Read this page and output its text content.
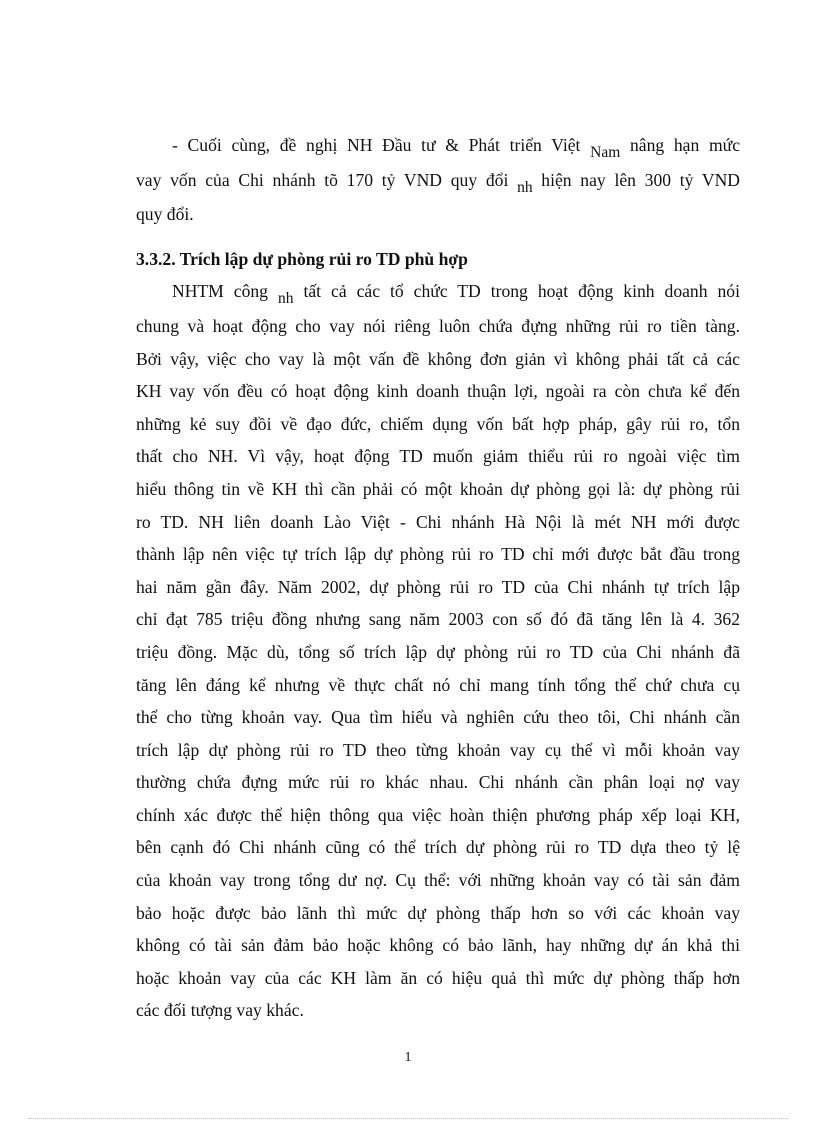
- Cuối cùng, đề nghị NH Đầu tư & Phát triển Việt Nam nâng hạn mức
vay vốn của Chi nhánh tõ 170 tỷ VND quy đổi nh hiện nay lên 300 tỷ VND
quy đổi.
3.3.2. Trích lập dự phòng rủi ro TD phù hợp
NHTM công nh tất cả các tổ chức TD trong hoạt động kinh doanh nói
chung và hoạt động cho vay nói riêng luôn chứa đựng những rủi ro tiền tàng.
Bởi vậy, việc cho vay là một vấn đề không đơn giản vì không phải tất cả các
KH vay vốn đều có hoạt động kinh doanh thuận lợi, ngoài ra còn chưa kể đến
những kẻ suy đồi về đạo đức, chiếm dụng vốn bất hợp pháp, gây rủi ro, tổn
thất cho NH. Vì vậy, hoạt động TD muốn giảm thiểu rủi ro ngoài việc tìm
hiểu thông tin về KH thì cần phải có một khoản dự phòng gọi là: dự phòng rủi
ro TD. NH liên doanh Lào Việt - Chi nhánh Hà Nội là mét NH mới được
thành lập nên việc tự trích lập dự phòng rủi ro TD chỉ mới được bắt đầu trong
hai năm gần đây. Năm 2002, dự phòng rủi ro TD của Chi nhánh tự trích lập
chỉ đạt 785 triệu đồng nhưng sang năm 2003 con số đó đã tăng lên là 4. 362
triệu đồng. Mặc dù, tổng số trích lập dự phòng rủi ro TD của Chi nhánh đã
tăng lên đáng kể nhưng về thực chất nó chỉ mang tính tổng thể chứ chưa cụ
thể cho từng khoản vay. Qua tìm hiểu và nghiên cứu theo tôi, Chi nhánh cần
trích lập dự phòng rủi ro TD theo từng khoản vay cụ thể vì mỗi khoản vay
thường chứa đựng mức rủi ro khác nhau. Chi nhánh cần phân loại nợ vay
chính xác được thể hiện thông qua việc hoàn thiện phương pháp xếp loại KH,
bên cạnh đó Chi nhánh cũng có thể trích dự phòng rủi ro TD dựa theo tỷ lệ
của khoản vay trong tổng dư nợ. Cụ thể: với những khoản vay có tài sản đảm
bảo hoặc được bảo lãnh thì mức dự phòng thấp hơn so với các khoản vay
không có tài sản đảm bảo hoặc không có bảo lãnh, hay những dự án khả thi
hoặc khoản vay của các KH làm ăn có hiệu quả thì mức dự phòng thấp hơn
các đối tượng vay khác.
1
